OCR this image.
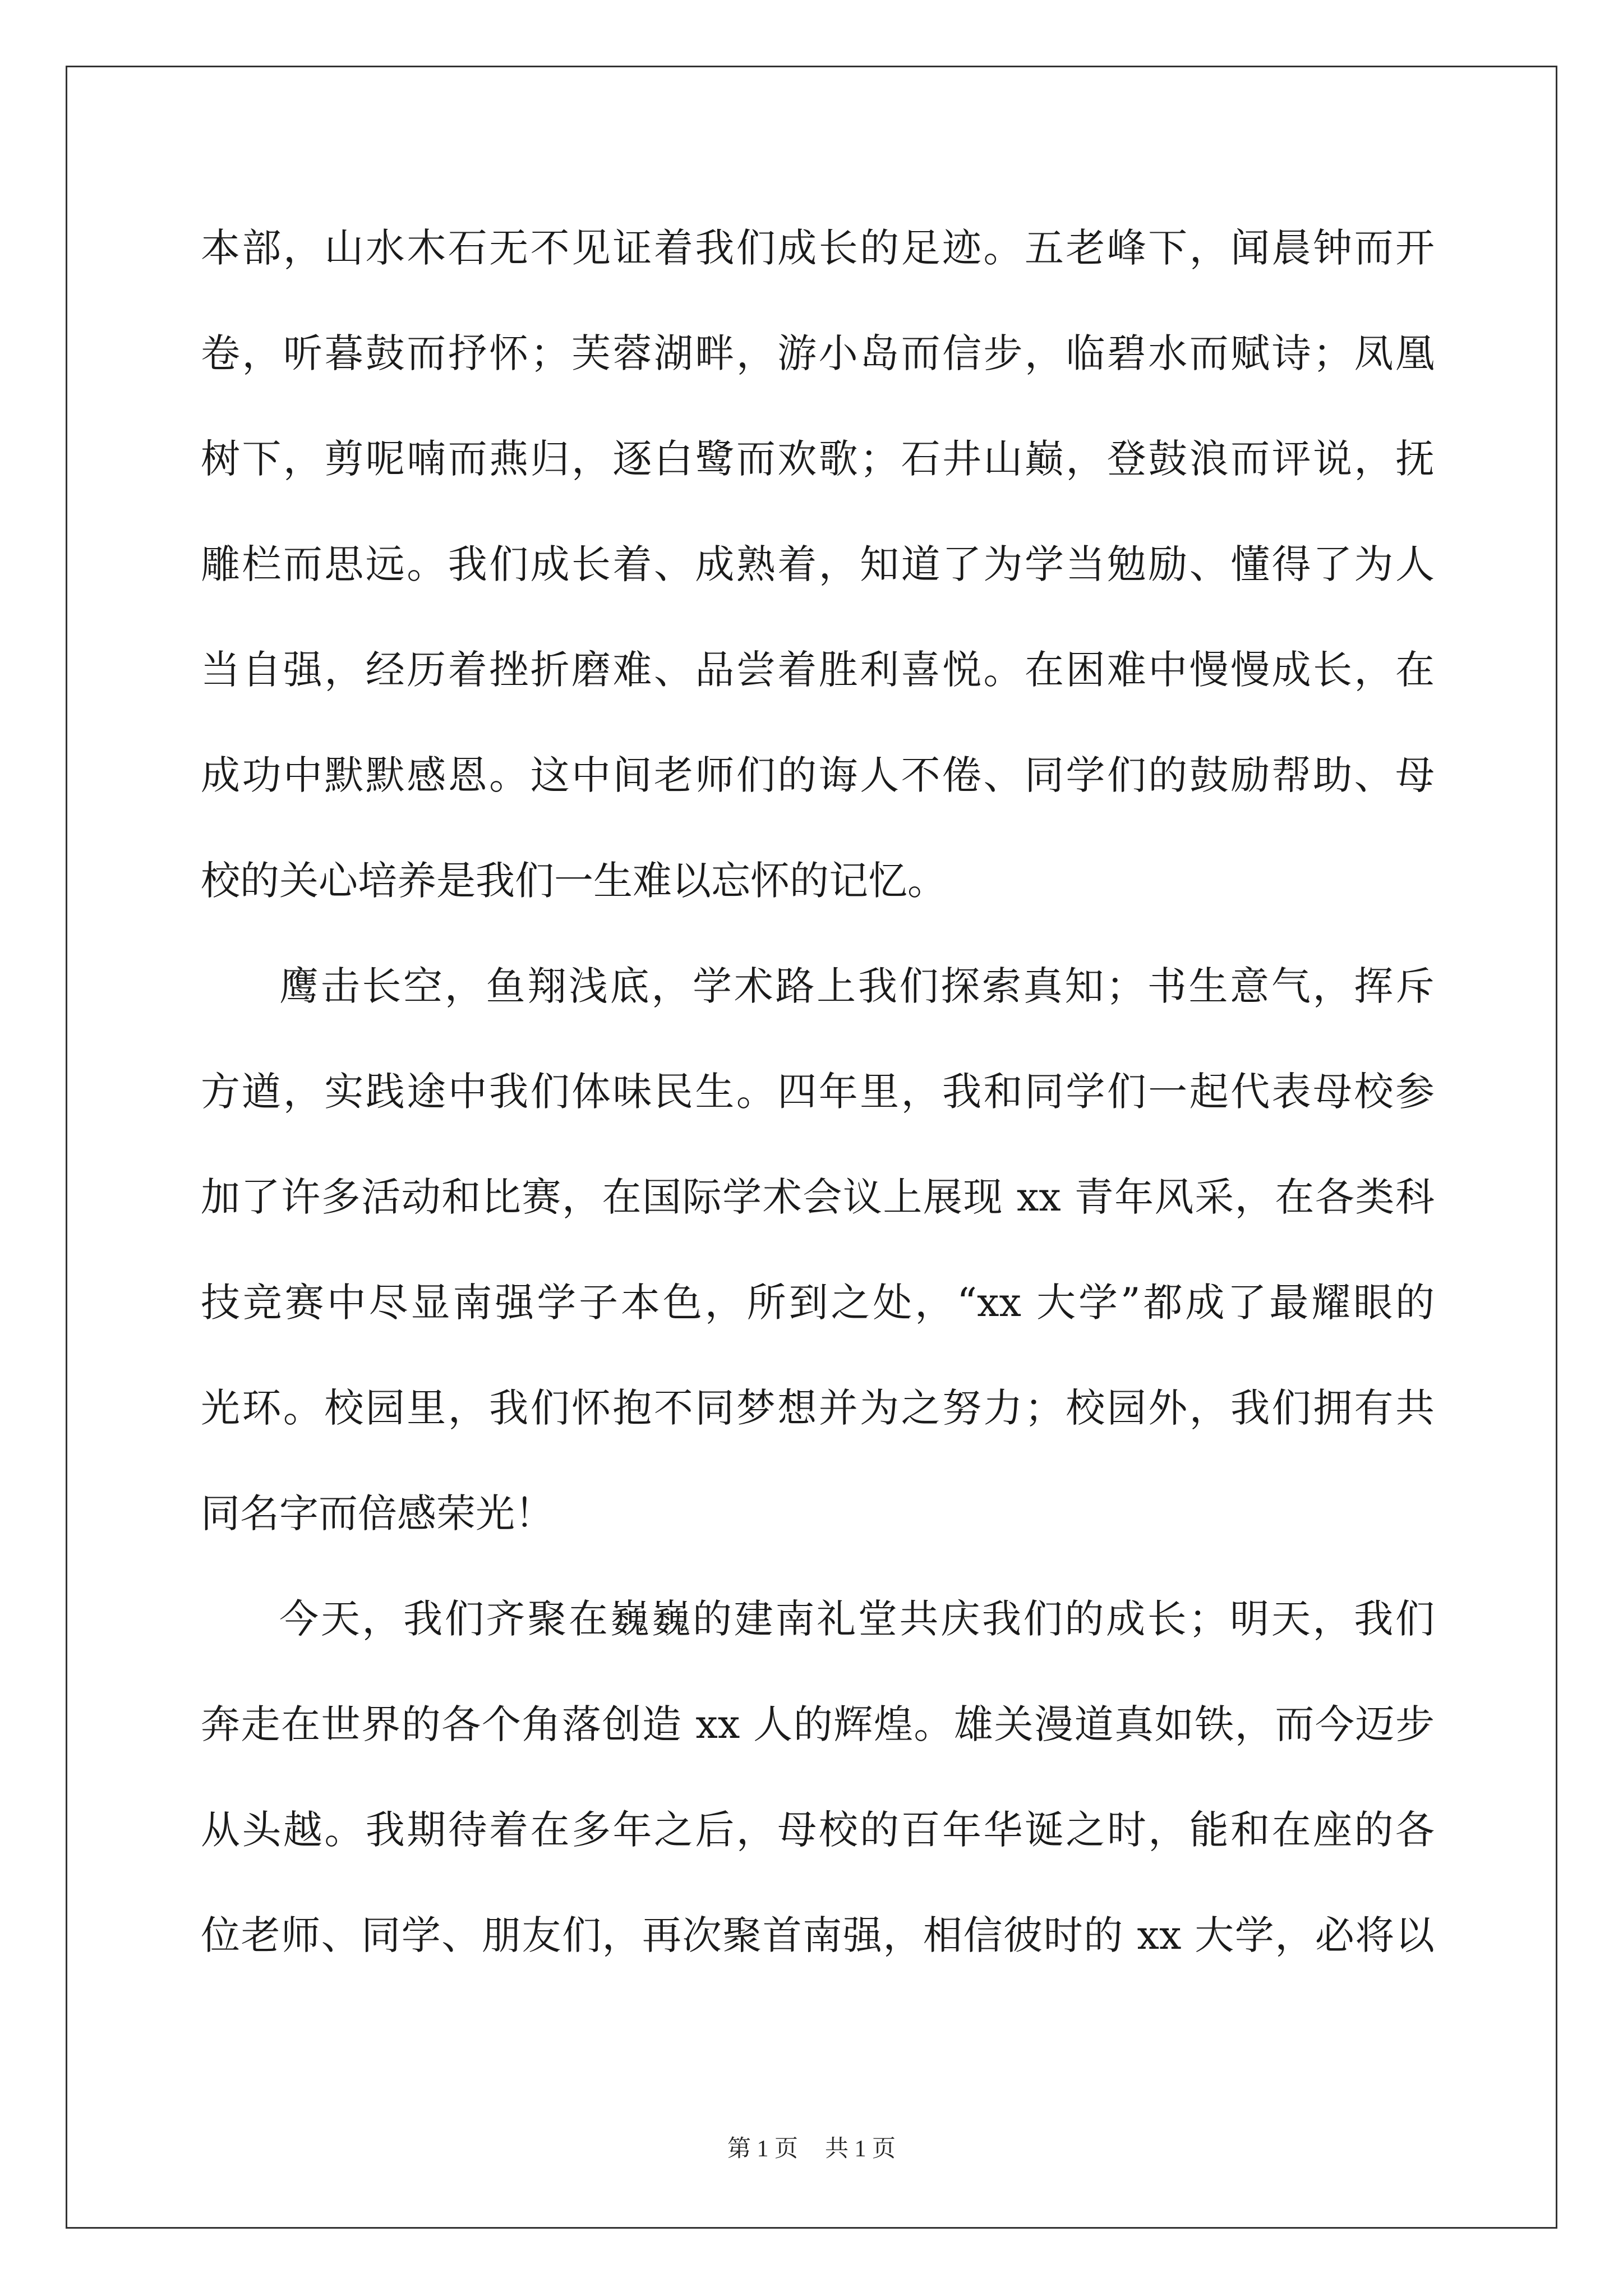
本部，山水木石无不见证着我们成长的足迹。五老峰下，闻晨钟而开
卷，听暮鼓而抒怀；芙蓉湖畔，游小岛而信步，临碧水而赋诗；凤凰
树下，剪呢喃而燕归，逐白鹭而欢歌；石井山巅，登鼓浪而评说，抚
雕栏而思远。我们成长着、成熟着，知道了为学当勉励、懂得了为人
当自强，经历着挫折磨难、品尝着胜利喜悦。在困难中慢慢成长，在
成功中默默感恩。这中间老师们的诲人不倦、同学们的鼓励帮助、母
校的关心培养是我们一生难以忘怀的记忆。
鹰击长空，鱼翔浅底，学术路上我们探索真知；书生意气，挥斥
方遒，实践途中我们体味民生。四年里，我和同学们一起代表母校参
加了许多活动和比赛，在国际学术会议上展现 xx 青年风采，在各类科
技竞赛中尽显南强学子本色，所到之处，“xx 大学”都成了最耀眼的
光环。校园里，我们怀抱不同梦想并为之努力；校园外，我们拥有共
同名字而倍感荣光！
今天，我们齐聚在巍巍的建南礼堂共庆我们的成长；明天，我们
奔走在世界的各个角落创造 xx 人的辉煌。雄关漫道真如铁，而今迈步
从头越。我期待着在多年之后，母校的百年华诞之时，能和在座的各
位老师、同学、朋友们，再次聚首南强，相信彼时的 xx 大学，必将以
第 1 页 共 1 页
